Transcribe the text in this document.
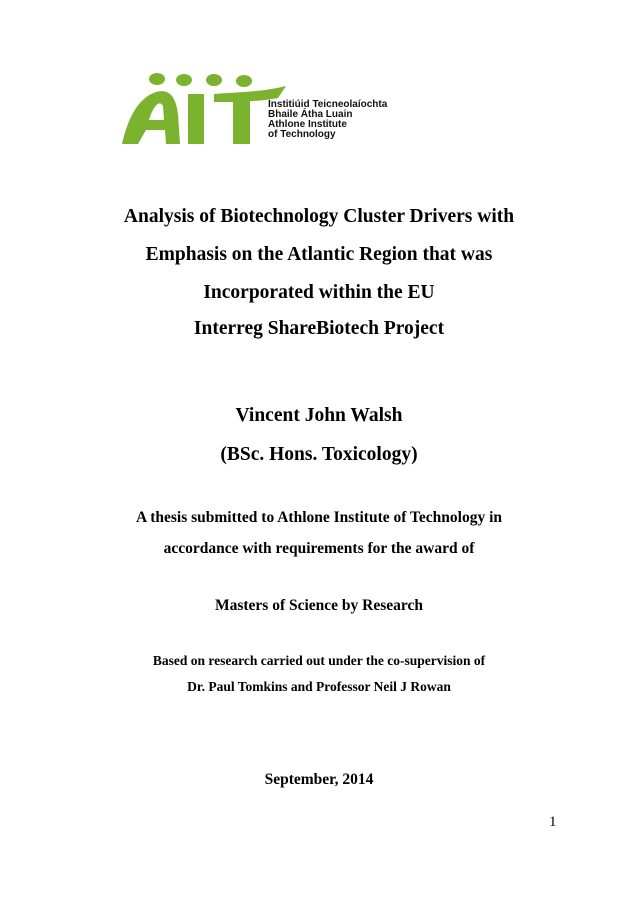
Institiúid Teicneolaíochta
Bhaile Átha Luain
Athlone Institute
of Technology
Analysis of Biotechnology Cluster Drivers with
Emphasis on the Atlantic Region that was
Incorporated within the EU
Interreg ShareBiotech Project
Vincent John Walsh
(BSc. Hons. Toxicology)
A thesis submitted to Athlone Institute of Technology in
accordance with requirements for the award of
Masters of Science by Research
Based on research carried out under the co-supervision of
Dr. Paul Tomkins and Professor Neil J Rowan
September, 2014
1
